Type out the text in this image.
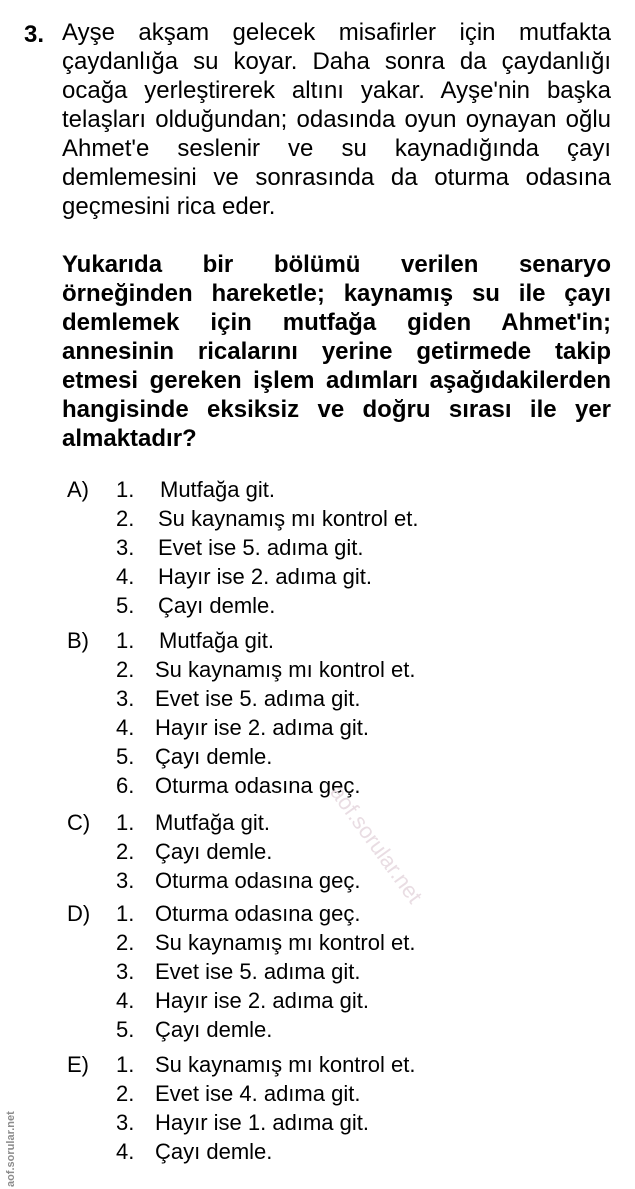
3. Ayşe akşam gelecek misafirler için mutfakta çaydanlığa su koyar. Daha sonra da çaydanlığı ocağa yerleştirerek altını yakar. Ayşe'nin başka telaşları olduğundan; odasında oyun oynayan oğlu Ahmet'e seslenir ve su kaynadığında çayı demlemesini ve sonrasında da oturma odasına geçmesini rica eder.

Yukarıda bir bölümü verilen senaryo örneğinden hareketle; kaynamış su ile çayı demlemek için mutfağa giden Ahmet'in; annesinin ricalarını yerine getirmede takip etmesi gereken işlem adımları aşağıdakilerden hangisinde eksiksiz ve doğru sırası ile yer almaktadır?

A) 1. Mutfağa git.
2. Su kaynamış mı kontrol et.
3. Evet ise 5. adıma git.
4. Hayır ise 2. adıma git.
5. Çayı demle.
B) 1. Mutfağa git.
2. Su kaynamış mı kontrol et.
3. Evet ise 5. adıma git.
4. Hayır ise 2. adıma git.
5. Çayı demle.
6. Oturma odasına geç.
C) 1. Mutfağa git.
2. Çayı demle.
3. Oturma odasına geç.
D) 1. Oturma odasına geç.
2. Su kaynamış mı kontrol et.
3. Evet ise 5. adıma git.
4. Hayır ise 2. adıma git.
5. Çayı demle.
E) 1. Su kaynamış mı kontrol et.
2. Evet ise 4. adıma git.
3. Hayır ise 1. adıma git.
4. Çayı demle.
aof.sorular.net
aof.sorular.net
